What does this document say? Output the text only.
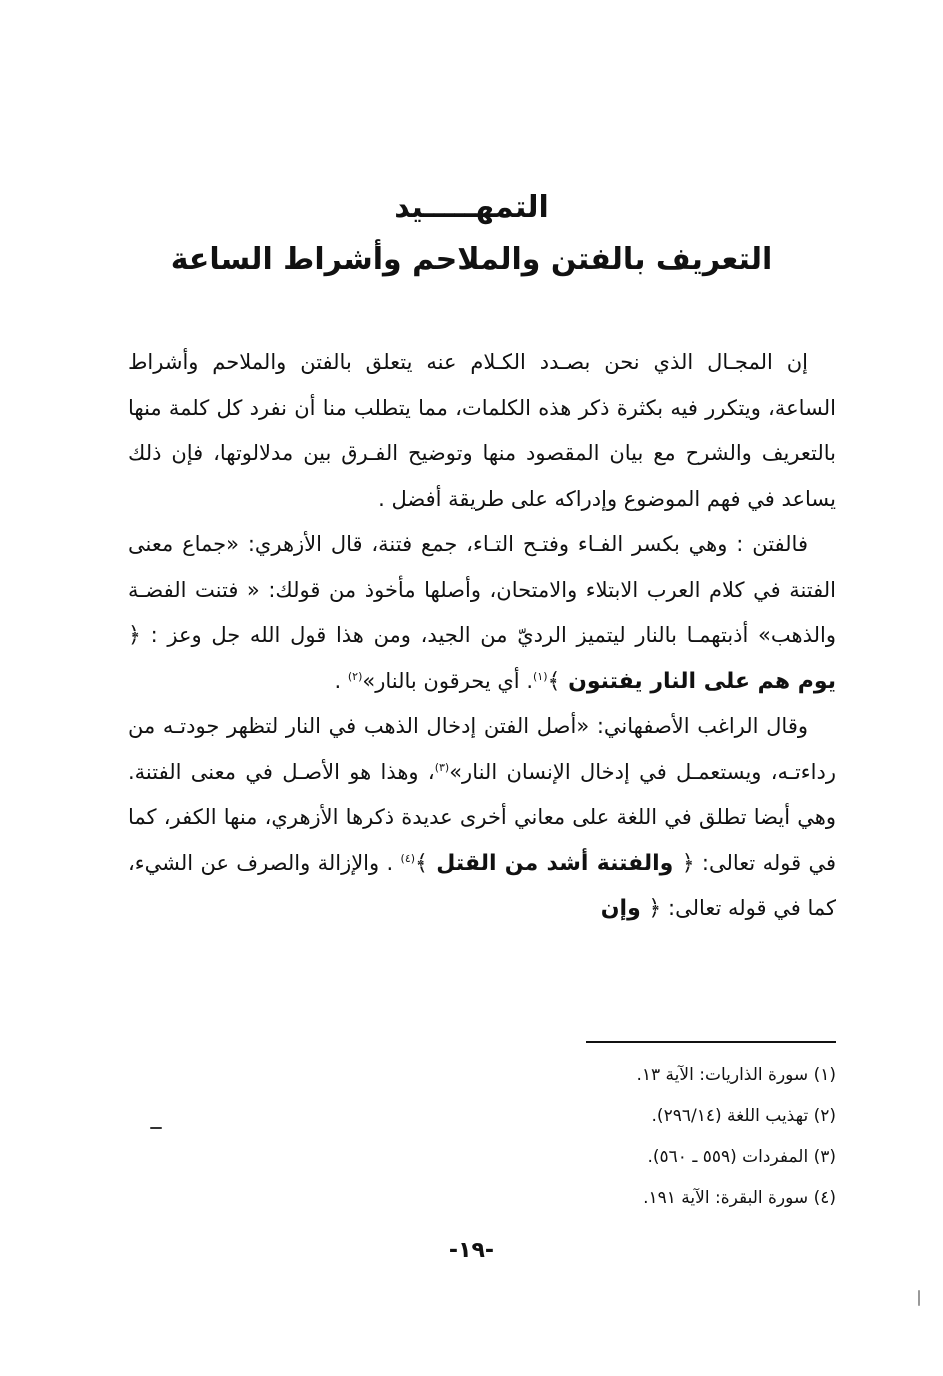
التمهـــــيد
التعريف بالفتن والملاحم وأشراط الساعة

إن المجـال الذي نحن بصـدد الكـلام عنه يتعلق بالفتن والملاحم وأشراط الساعة، ويتكرر فيه بكثرة ذكر هذه الكلمات، مما يتطلب منا أن نفرد كل كلمة منها بالتعريف والشرح مع بيان المقصود منها وتوضيح الفـرق بين مدلالوتها، فإن ذلك يساعد في فهم الموضوع وإدراكه على طريقة أفضل .

فالفتن : وهي بكسر الفـاء وفتـح التـاء، جمع فتنة، قال الأزهري: «جماع معنى الفتنة في كلام العرب الابتلاء والامتحان، وأصلها مأخوذ من قولك: « فتنت الفضـة والذهب» أذبتهمـا بالنار ليتميز الرديّ من الجيد، ومن هذا قول الله جل وعز : ﴿ يوم هم على النار يفتنون ﴾$^{(١)}$. أي يحرقون بالنار»$^{(٢)}$ .

وقال الراغب الأصفهاني: «أصل الفتن إدخال الذهب في النار لتظهر جودتـه من رداءتـه، ويستعمـل في إدخال الإنسان النار»$^{(٣)}$، وهذا هو الأصـل في معنى الفتنة. وهي أيضا تطلق في اللغة على معاني أخرى عديدة ذكرها الأزهري، منها الكفر، كما في قوله تعالى: ﴿ والفتنة أشد من القتل ﴾$^{(٤)}$ . والإزالة والصرف عن الشيء، كما في قوله تعالى: ﴿ وإن

(١) سورة الذاريات: الآية ١٣.
(٢) تهذيب اللغة (٢٩٦/١٤).
(٣) المفردات (٥٥٩ ـ ٥٦٠).
(٤) سورة البقرة: الآية ١٩١.
-١٩-
